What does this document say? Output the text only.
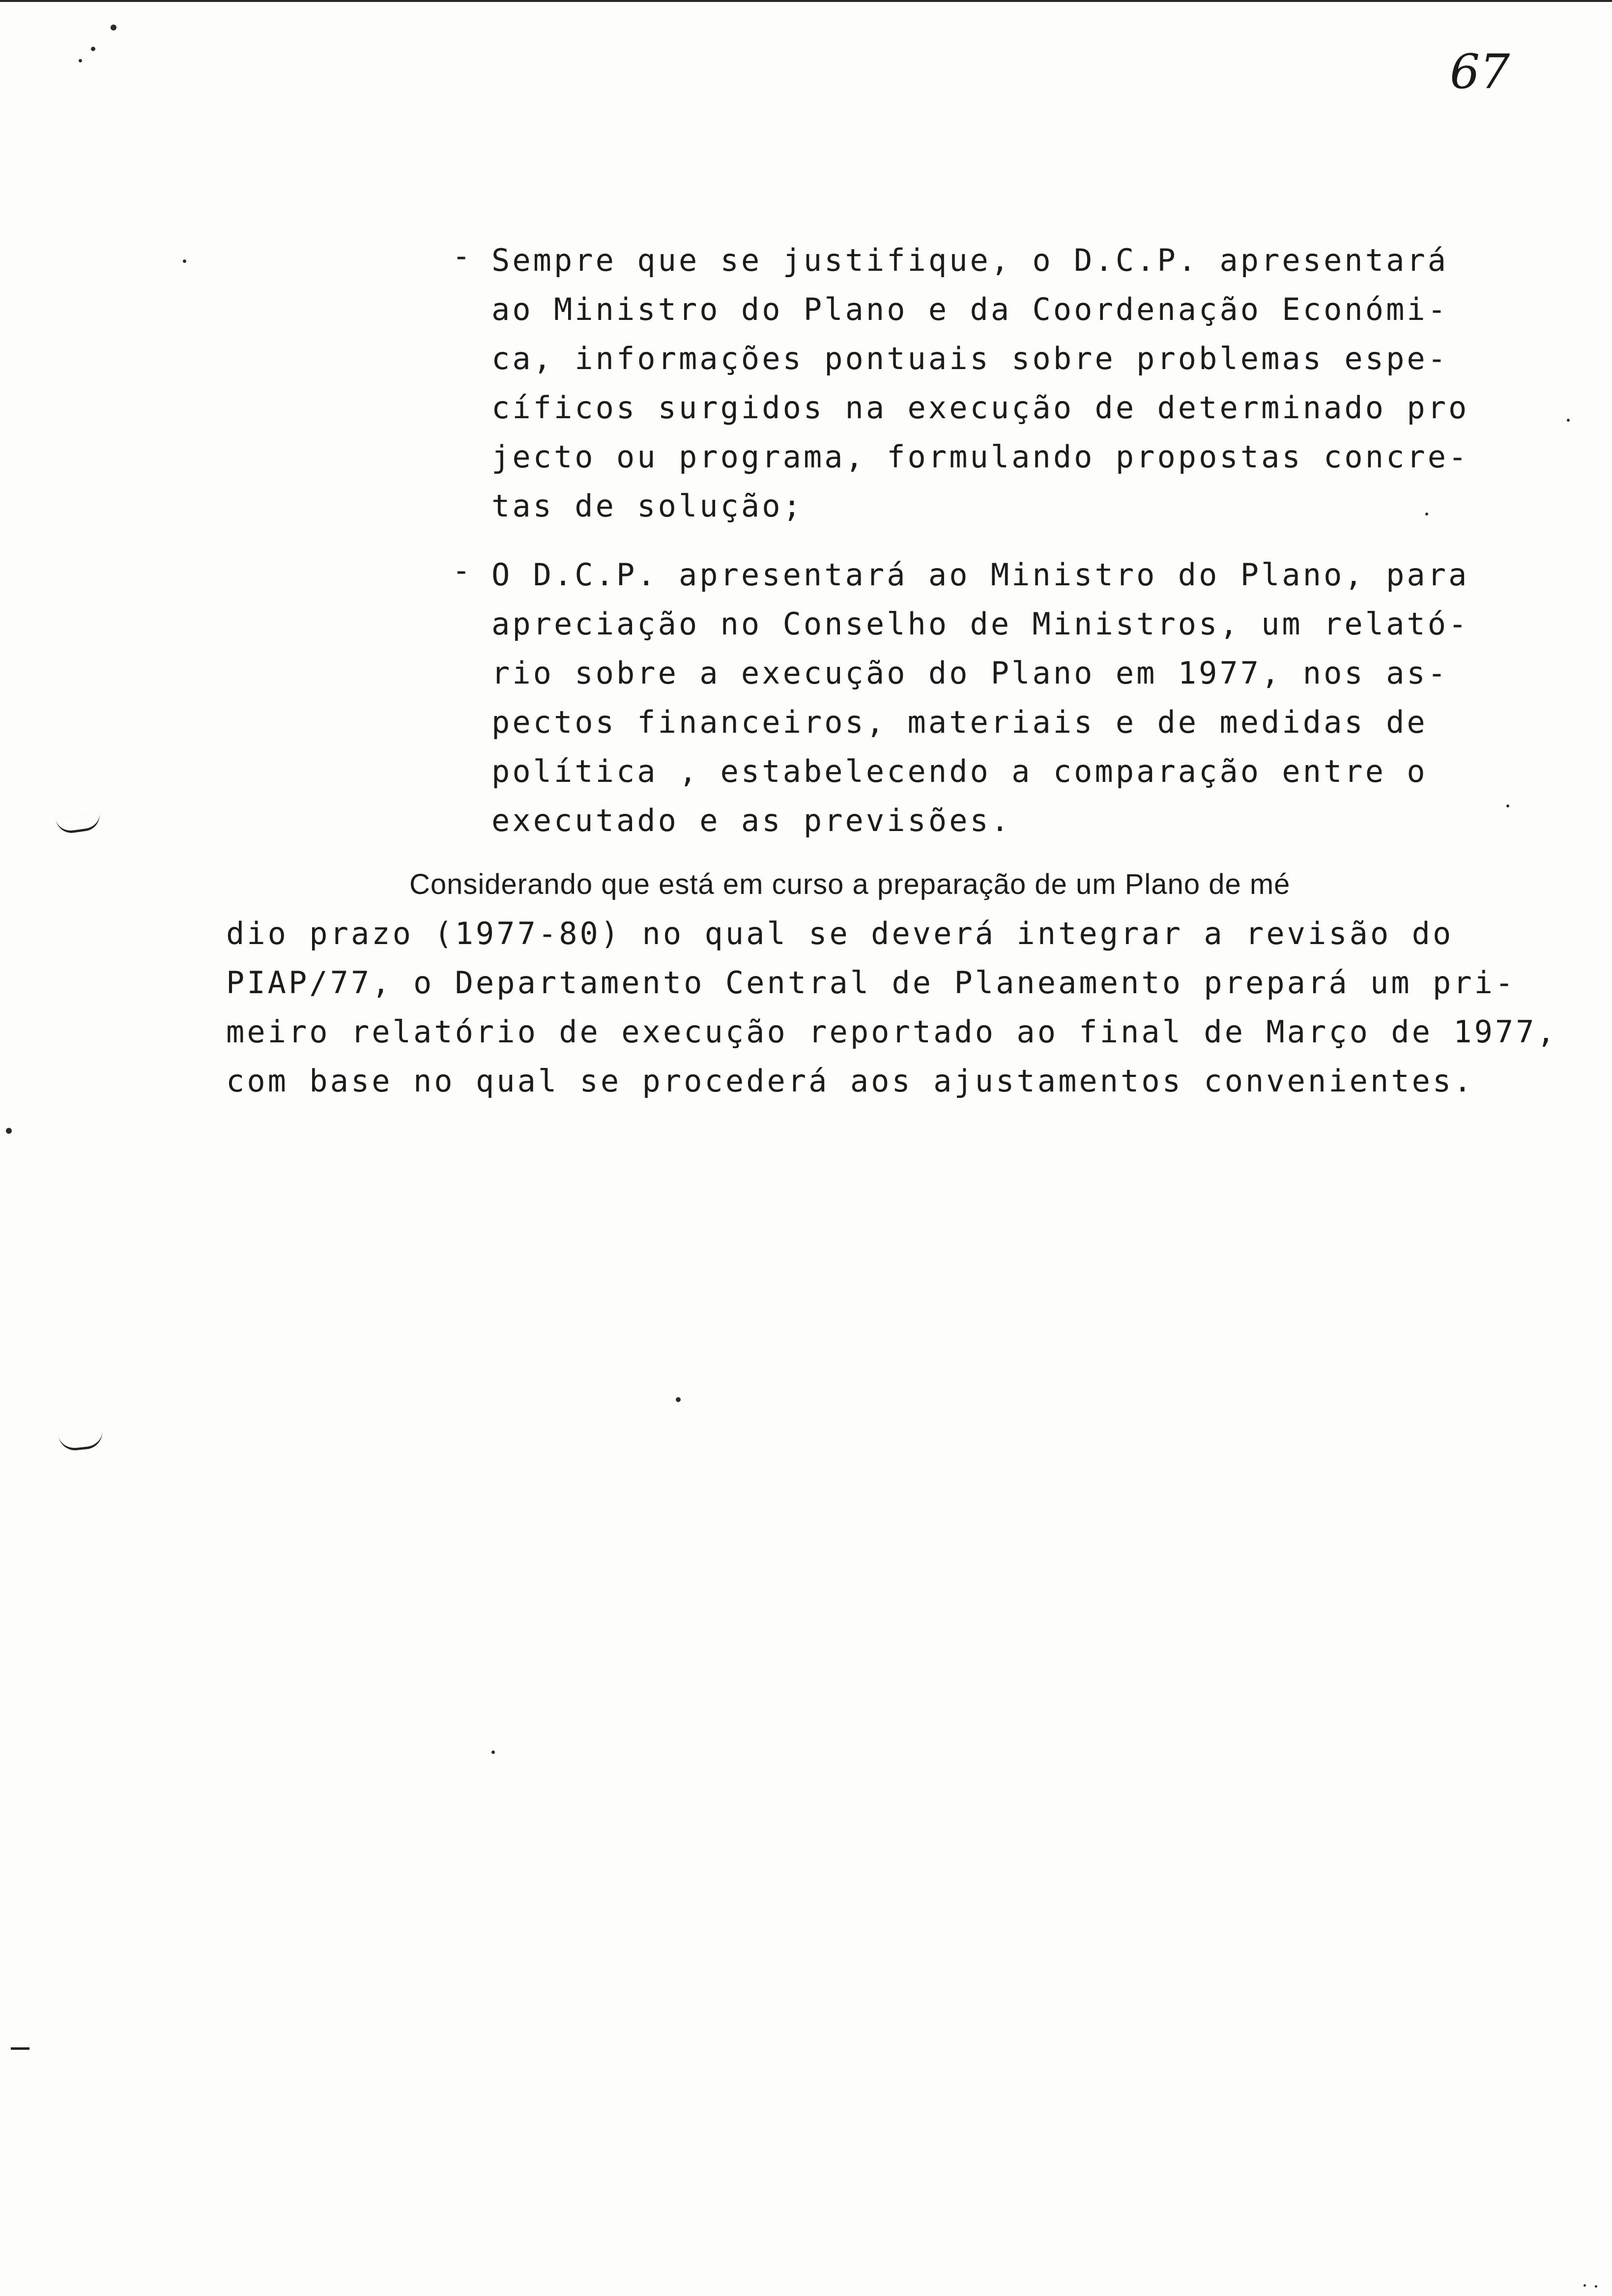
67
- Sempre que se justifique, o D.C.P. apresentará
ao Ministro do Plano e da Coordenação Económi-
ca, informações pontuais sobre problemas espe-
cíficos surgidos na execução de determinado pro
jecto ou programa, formulando propostas concre-
tas de solução;
- O D.C.P. apresentará ao Ministro do Plano, para
apreciação no Conselho de Ministros, um relató-
rio sobre a execução do Plano em 1977, nos as-
pectos financeiros, materiais e de medidas de
política , estabelecendo a comparação entre o
executado e as previsões.
Considerando que está em curso a preparação de um Plano de mé
dio prazo (1977-80) no qual se deverá integrar a revisão do
PIAP/77, o Departamento Central de Planeamento prepará um pri-
meiro relatório de execução reportado ao final de Março de 1977,
com base no qual se procederá aos ajustamentos convenientes.
